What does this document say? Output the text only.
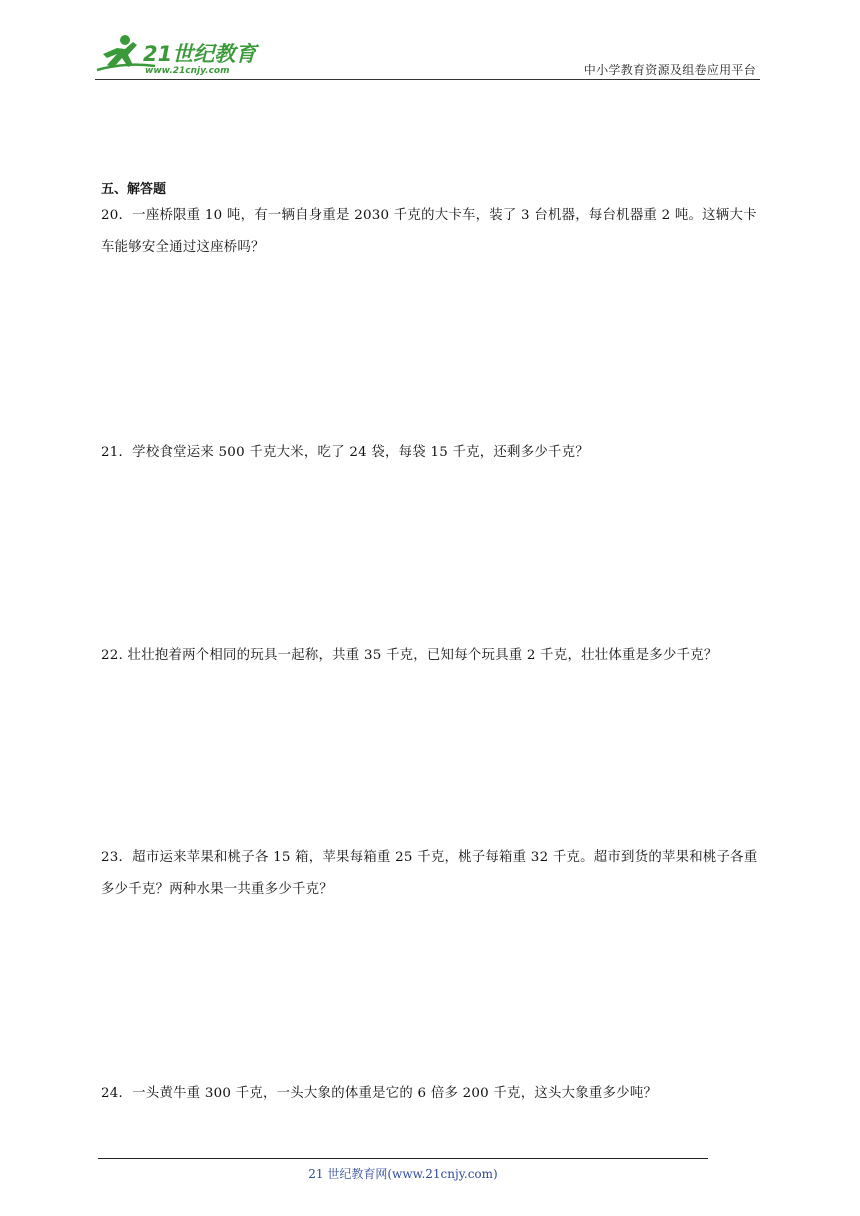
21世纪教育
www.21cnjy.com	中小学教育资源及组卷应用平台
五、解答题
20．一座桥限重 10 吨，有一辆自身重是 2030 千克的大卡车，装了 3 台机器，每台机器重 2 吨。这辆大卡车能够安全通过这座桥吗？
21．学校食堂运来 500 千克大米，吃了 24 袋，每袋 15 千克，还剩多少千克？
22. 壮壮抱着两个相同的玩具一起称，共重 35 千克，已知每个玩具重 2 千克，壮壮体重是多少千克？
23．超市运来苹果和桃子各 15 箱，苹果每箱重 25 千克，桃子每箱重 32 千克。超市到货的苹果和桃子各重多少千克？两种水果一共重多少千克？
24．一头黄牛重 300 千克，一头大象的体重是它的 6 倍多 200 千克，这头大象重多少吨？
21 世纪教育网(www.21cnjy.com)
